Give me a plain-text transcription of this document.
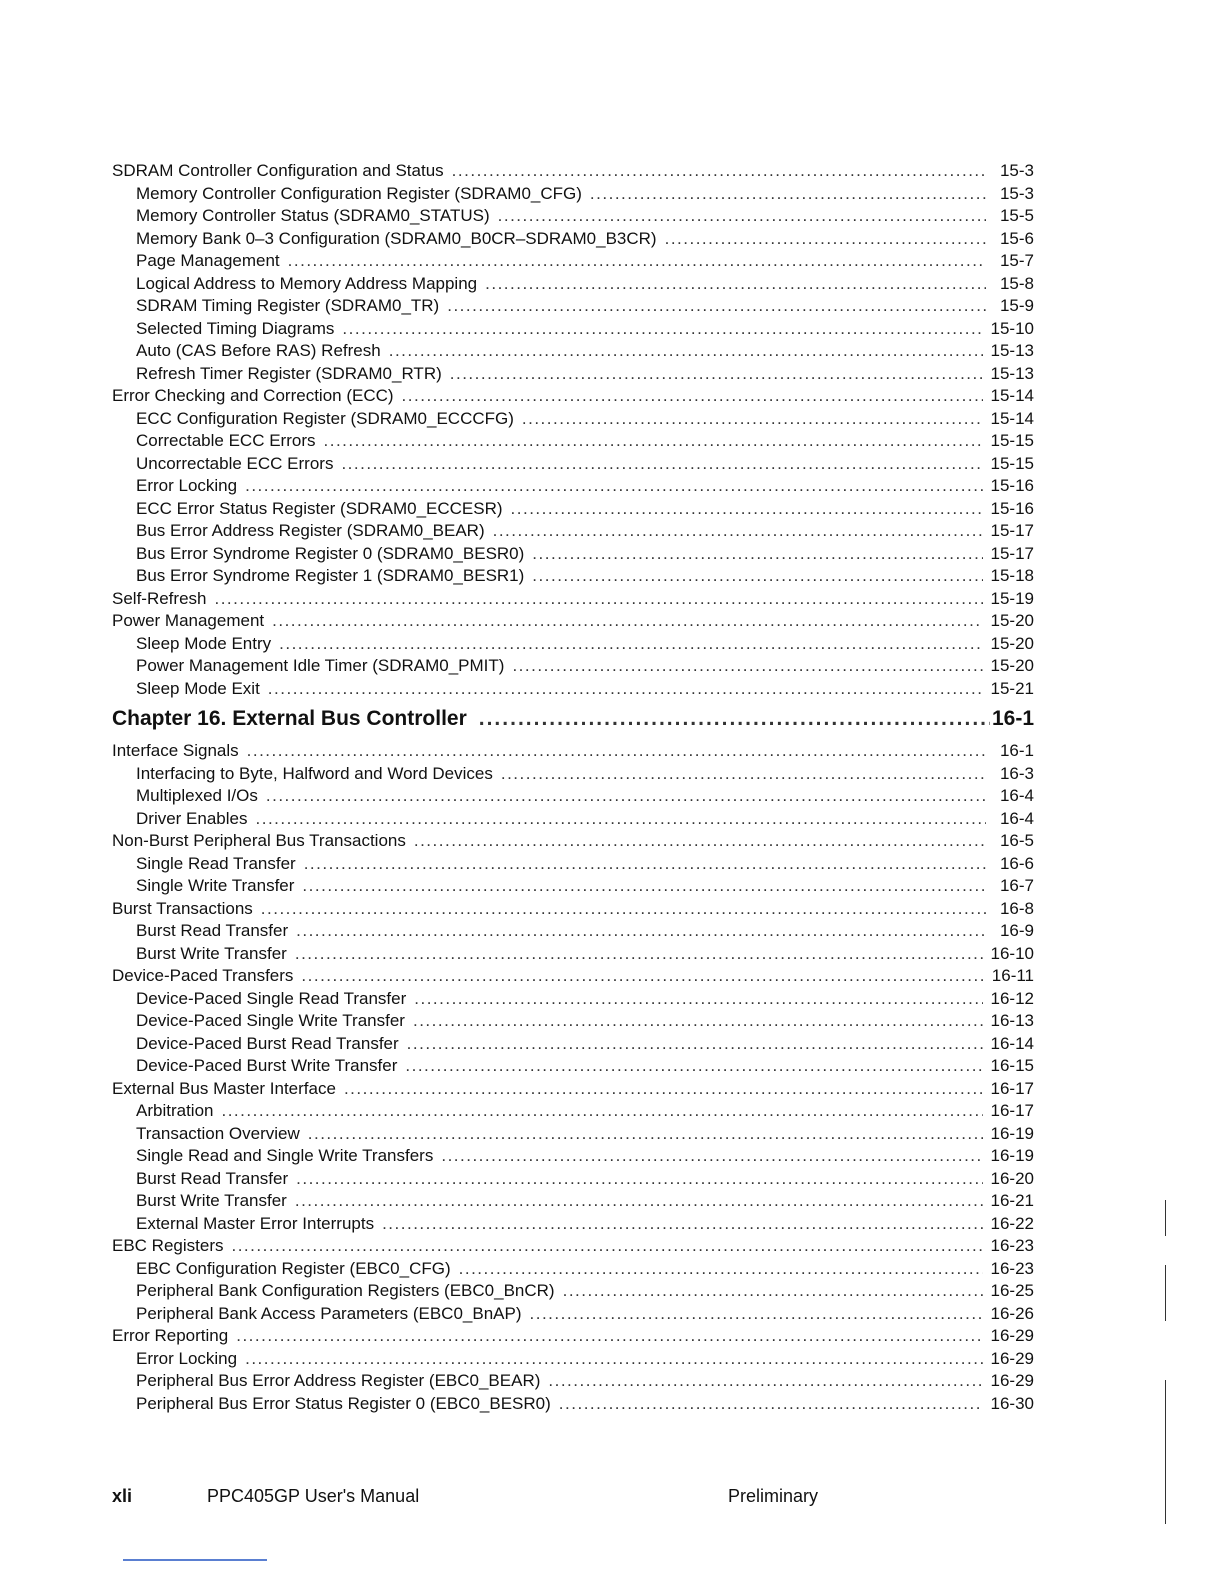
SDRAM Controller Configuration and Status .....	15-3
Memory Controller Configuration Register (SDRAM0_CFG) .....	15-3
Memory Controller Status (SDRAM0_STATUS) .....	15-5
Memory Bank 0–3 Configuration (SDRAM0_B0CR–SDRAM0_B3CR) .....	15-6
Page Management .....	15-7
Logical Address to Memory Address Mapping .....	15-8
SDRAM Timing Register (SDRAM0_TR) .....	15-9
Selected Timing Diagrams .....	15-10
Auto (CAS Before RAS) Refresh .....	15-13
Refresh Timer Register (SDRAM0_RTR) .....	15-13
Error Checking and Correction (ECC) .....	15-14
ECC Configuration Register (SDRAM0_ECCCFG) .....	15-14
Correctable ECC Errors .....	15-15
Uncorrectable ECC Errors .....	15-15
Error Locking .....	15-16
ECC Error Status Register (SDRAM0_ECCESR) .....	15-16
Bus Error Address Register (SDRAM0_BEAR) .....	15-17
Bus Error Syndrome Register 0 (SDRAM0_BESR0) .....	15-17
Bus Error Syndrome Register 1 (SDRAM0_BESR1) .....	15-18
Self-Refresh .....	15-19
Power Management .....	15-20
Sleep Mode Entry .....	15-20
Power Management Idle Timer (SDRAM0_PMIT) .....	15-20
Sleep Mode Exit .....	15-21
Chapter 16. External Bus Controller .....	16-1
Interface Signals .....	16-1
Interfacing to Byte, Halfword and Word Devices .....	16-3
Multiplexed I/Os .....	16-4
Driver Enables .....	16-4
Non-Burst Peripheral Bus Transactions .....	16-5
Single Read Transfer .....	16-6
Single Write Transfer .....	16-7
Burst Transactions .....	16-8
Burst Read Transfer .....	16-9
Burst Write Transfer .....	16-10
Device-Paced Transfers .....	16-11
Device-Paced Single Read Transfer .....	16-12
Device-Paced Single Write Transfer .....	16-13
Device-Paced Burst Read Transfer .....	16-14
Device-Paced Burst Write Transfer .....	16-15
External Bus Master Interface .....	16-17
Arbitration .....	16-17
Transaction Overview .....	16-19
Single Read and Single Write Transfers .....	16-19
Burst Read Transfer .....	16-20
Burst Write Transfer .....	16-21
External Master Error Interrupts .....	16-22
EBC Registers .....	16-23
EBC Configuration Register (EBC0_CFG) .....	16-23
Peripheral Bank Configuration Registers (EBC0_BnCR) .....	16-25
Peripheral Bank Access Parameters (EBC0_BnAP) .....	16-26
Error Reporting .....	16-29
Error Locking .....	16-29
Peripheral Bus Error Address Register (EBC0_BEAR) .....	16-29
Peripheral Bus Error Status Register 0 (EBC0_BESR0) .....	16-30
xli	PPC405GP User's Manual	Preliminary
